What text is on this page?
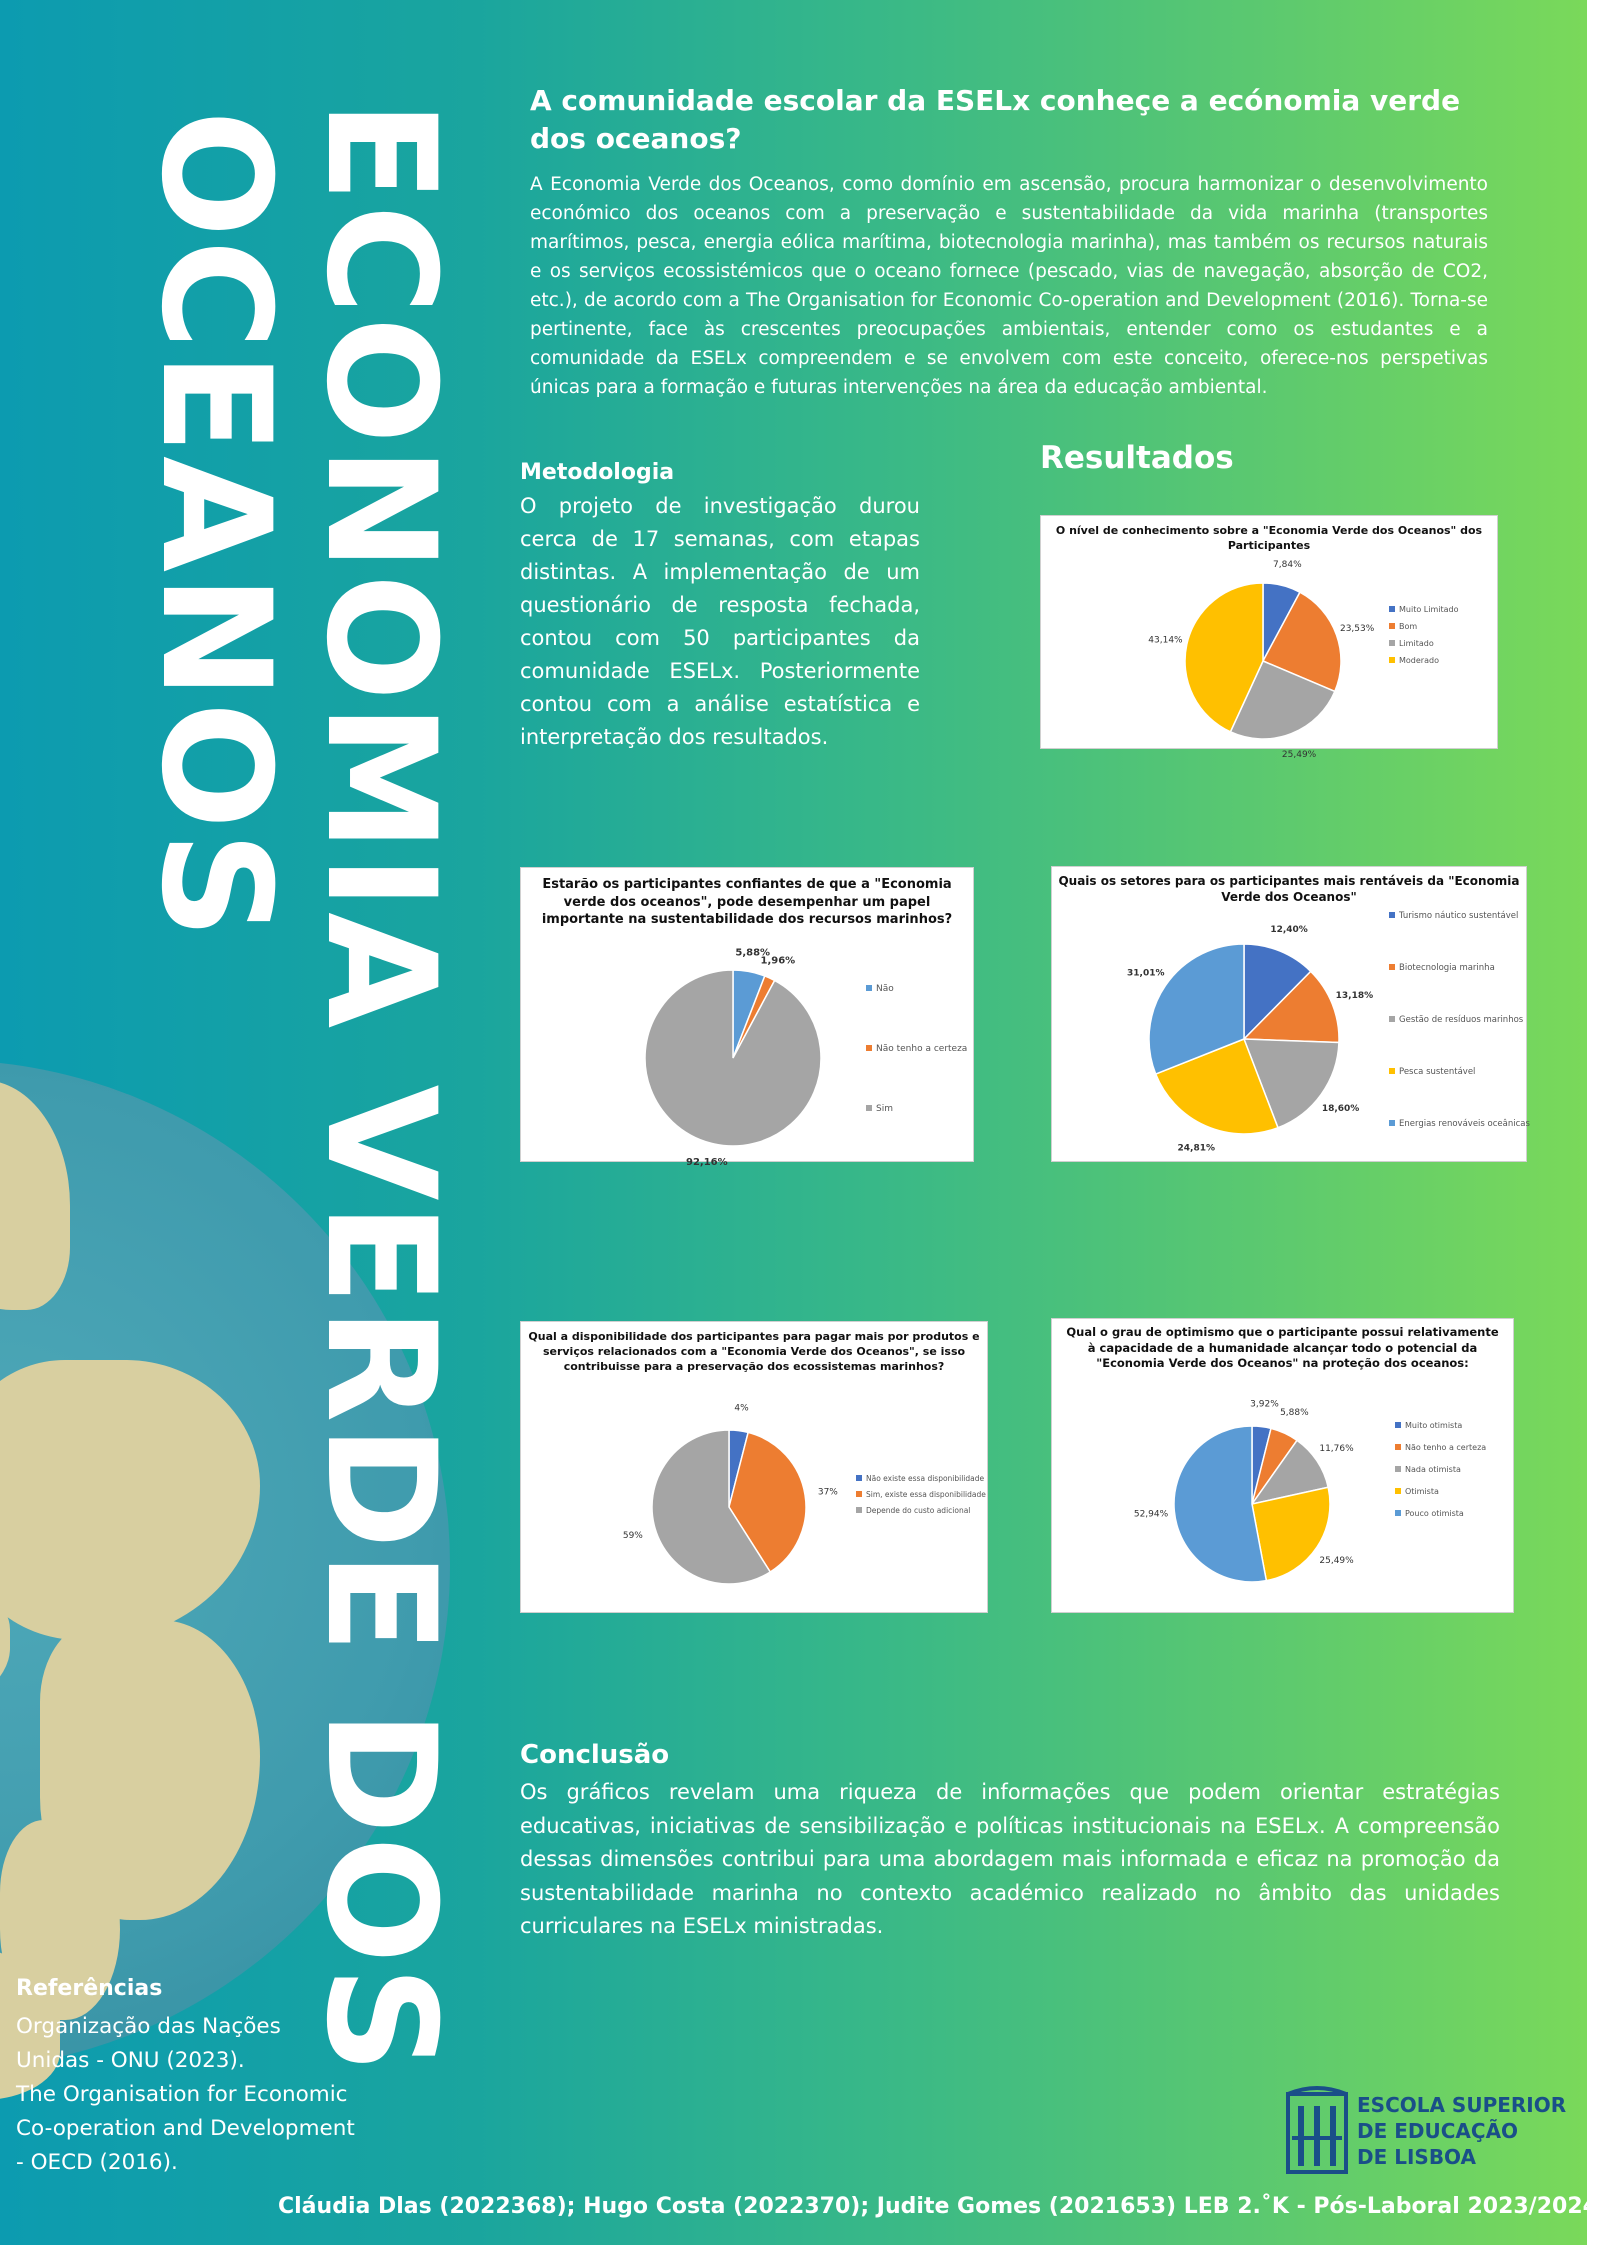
ECONOMIA VERDE DOS
OCEANOS
A comunidade escolar da ESELx conheçe a ecónomia verde dos oceanos?
A Economia Verde dos Oceanos, como domínio em ascensão, procura harmonizar o desenvolvimento económico dos oceanos com a preservação e sustentabilidade da vida marinha (transportes marítimos, pesca, energia eólica marítima, biotecnologia marinha), mas também os recursos naturais e os serviços ecossistémicos que o oceano fornece (pescado, vias de navegação, absorção de CO2, etc.), de acordo com a The Organisation for Economic Co-operation and Development (2016). Torna-se pertinente, face às crescentes preocupações ambientais, entender como os estudantes e a comunidade da ESELx compreendem e se envolvem com este conceito, oferece-nos perspetivas únicas para a formação e futuras intervenções na área da educação ambiental.
Metodologia
O projeto de investigação durou cerca de 17 semanas, com etapas distintas. A implementação de um questionário de resposta fechada, contou com 50 participantes da comunidade ESELx. Posteriormente contou com a análise estatística e interpretação dos resultados.
Resultados
O nível de conhecimento sobre a "Economia Verde dos Oceanos" dos
Participantes
7,84%
Muito Limitado
23,53%	Bom
25,49%
Limitado
43,14%
Moderado
Estarão os participantes confiantes de que a "Economia
verde dos oceanos", pode desempenhar um papel
importante na sustentabilidade dos recursos marinhos?
5,88%
Não
1,96%
Não tenho a certeza
92,16%
Sim
Quais os setores para os participantes mais rentáveis da "Economia
Verde dos Oceanos"
12,40%
Turismo náutico sustentável
13,18%
Biotecnologia marinha
18,60%
Gestão de resíduos marinhos
24,81%
Pesca sustentável
31,01%
Energias renováveis oceânicas
Qual a disponibilidade dos participantes para pagar mais por produtos e
serviços relacionados com a "Economia Verde dos Oceanos", se isso
contribuisse para a preservação dos ecossistemas marinhos?
4%
Não existe essa disponibilidade
37%	Sim, existe essa disponibilidade
59%
Depende do custo adicional
Qual o grau de optimismo que o participante possui relativamente
à capacidade de a humanidade alcançar todo o potencial da
"Economia Verde dos Oceanos" na proteção dos oceanos:
3,92%
Muito otimista
5,88%
Não tenho a certeza
11,76%
Nada otimista
25,49%
Otimista
52,94%	Pouco otimista
Conclusão
Os gráficos revelam uma riqueza de informações que podem orientar estratégias educativas, iniciativas de sensibilização e políticas institucionais na ESELx. A compreensão dessas dimensões contribui para uma abordagem mais informada e eficaz na promoção da sustentabilidade marinha no contexto académico realizado no âmbito das unidades curriculares na ESELx ministradas.
Referências
Organização das Nações
Unidas - ONU (2023).
The Organisation for Economic
Co-operation and Development
- OECD (2016).
ESCOLA SUPERIOR
DE EDUCAÇÃO
DE LISBOA
Cláudia Dlas (2022368); Hugo Costa (2022370); Judite Gomes (2021653) LEB 2.˚K - Pós-Laboral 2023/2024
